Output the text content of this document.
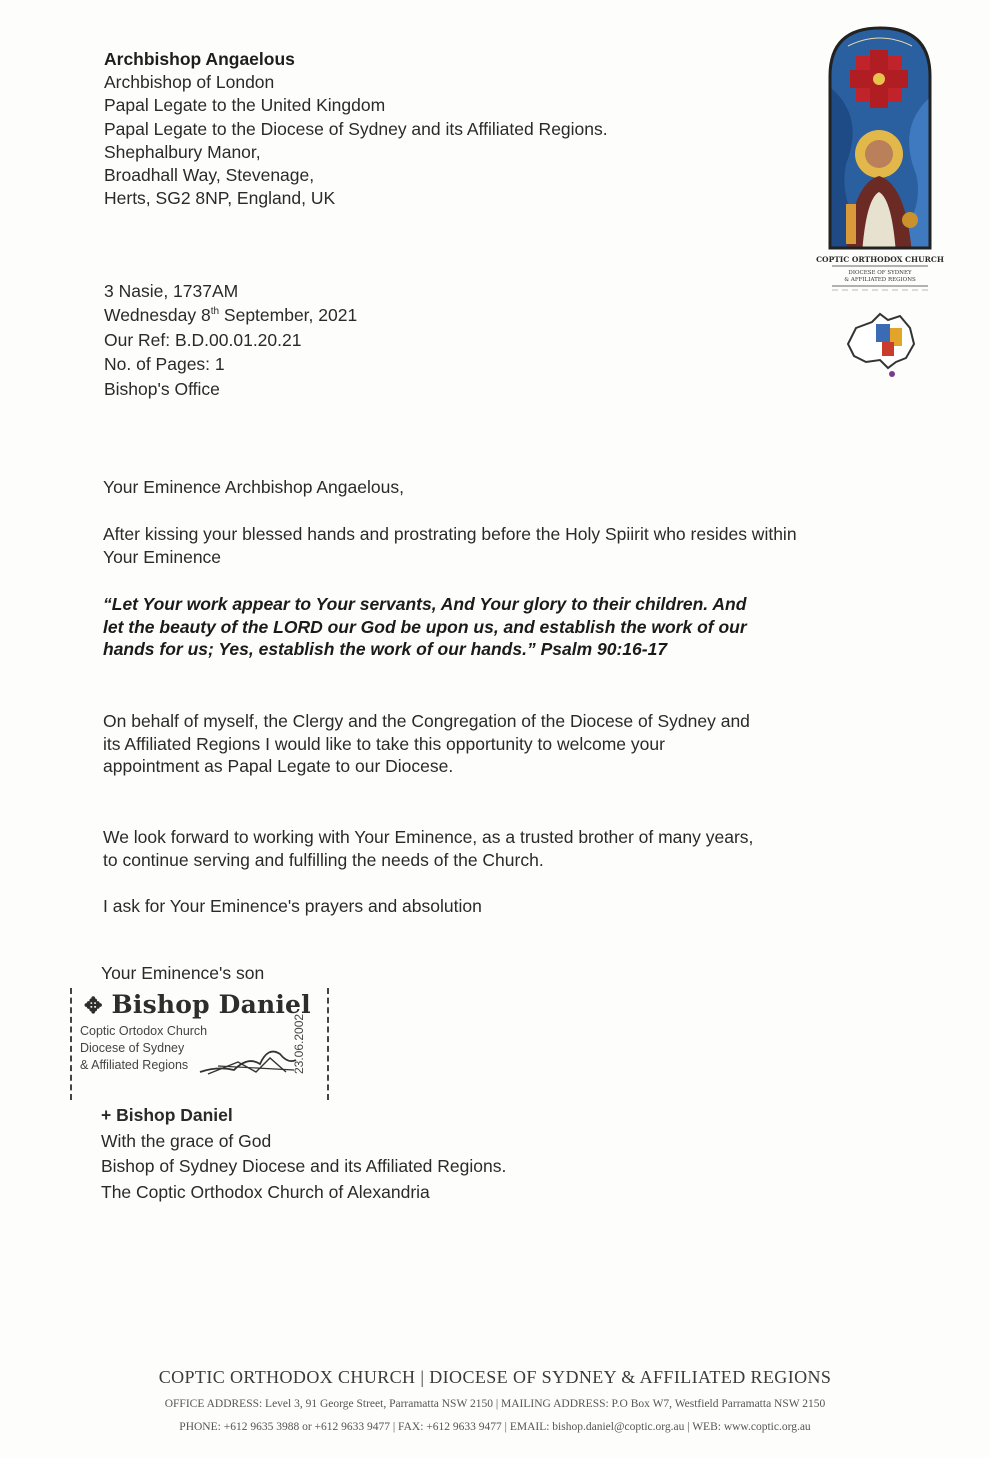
Archbishop Angaelous
Archbishop of London
Papal Legate to the United Kingdom
Papal Legate to the Diocese of Sydney and its Affiliated Regions.
Shephalbury Manor,
Broadhall Way, Stevenage,
Herts, SG2 8NP, England, UK
COPTIC ORTHODOX CHURCH
DIOCESE OF SYDNEY
& AFFILIATED REGIONS
3 Nasie, 1737AM
Wednesday 8th September, 2021
Our Ref: B.D.00.01.20.21
No. of Pages: 1
Bishop's Office
Your Eminence Archbishop Angaelous,
After kissing your blessed hands and prostrating before the Holy Spiirit who resides within Your Eminence
“Let Your work appear to Your servants, And Your glory to their children. And
let the beauty of the LORD our God be upon us, and establish the work of our
hands for us; Yes, establish the work of our hands.” Psalm 90:16-17
On behalf of myself, the Clergy and the Congregation of the Diocese of Sydney and
its Affiliated Regions I would like to take this opportunity to welcome your
appointment as Papal Legate to our Diocese.
We look forward to working with Your Eminence, as a trusted brother of many years,
to continue serving and fulfilling the needs of the Church.
I ask for Your Eminence's prayers and absolution
Your Eminence's son
✥ Bishop Daniel
Coptic Ortodox Church
Diocese of Sydney
& Affiliated Regions	23.06.2002
+ Bishop Daniel
With the grace of God
Bishop of Sydney Diocese and its Affiliated Regions.
The Coptic Orthodox Church of Alexandria
COPTIC ORTHODOX CHURCH | DIOCESE OF SYDNEY & AFFILIATED REGIONS
OFFICE ADDRESS: Level 3, 91 George Street, Parramatta NSW 2150 | MAILING ADDRESS: P.O Box W7, Westfield Parramatta NSW 2150
PHONE: +612 9635 3988 or +612 9633 9477 | FAX: +612 9633 9477 | EMAIL: bishop.daniel@coptic.org.au | WEB: www.coptic.org.au
